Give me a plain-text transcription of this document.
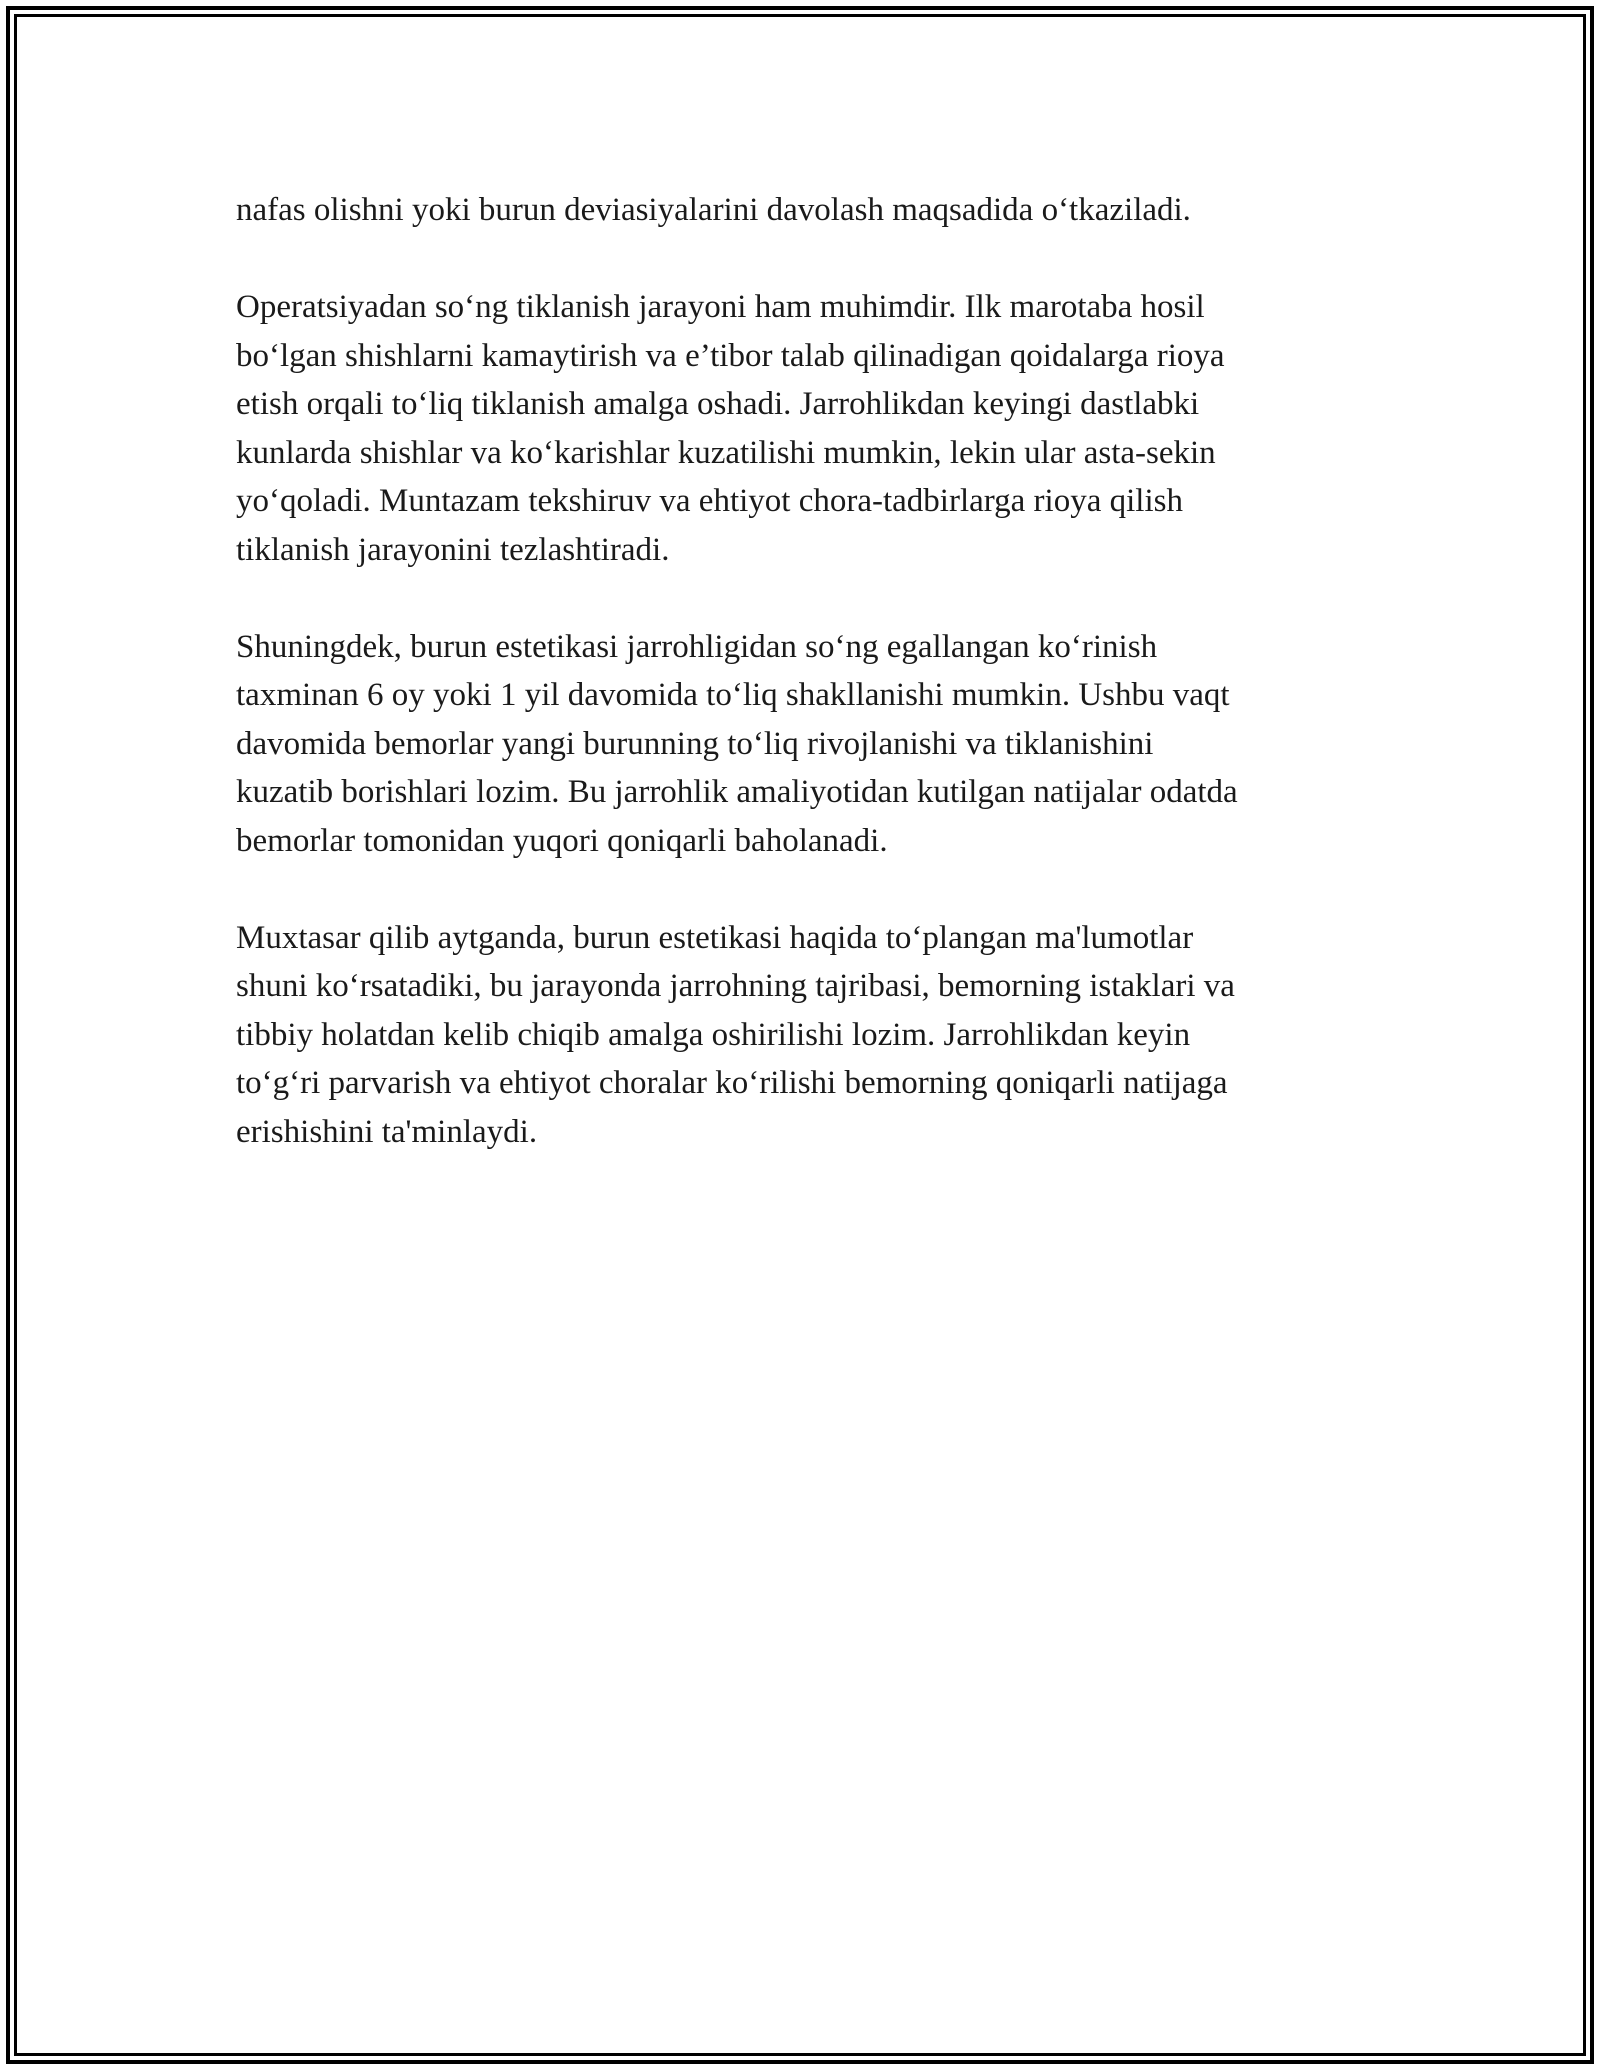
nafas olishni yoki burun deviasiyalarini davolash maqsadida o‘tkaziladi.

Operatsiyadan so‘ng tiklanish jarayoni ham muhimdir. Ilk marotaba hosil
bo‘lgan shishlarni kamaytirish va e’tibor talab qilinadigan qoidalarga rioya
etish orqali to‘liq tiklanish amalga oshadi. Jarrohlikdan keyingi dastlabki
kunlarda shishlar va ko‘karishlar kuzatilishi mumkin, lekin ular asta-sekin
yo‘qoladi. Muntazam tekshiruv va ehtiyot chora-tadbirlarga rioya qilish
tiklanish jarayonini tezlashtiradi.

Shuningdek, burun estetikasi jarrohligidan so‘ng egallangan ko‘rinish
taxminan 6 oy yoki 1 yil davomida to‘liq shakllanishi mumkin. Ushbu vaqt
davomida bemorlar yangi burunning to‘liq rivojlanishi va tiklanishini
kuzatib borishlari lozim. Bu jarrohlik amaliyotidan kutilgan natijalar odatda
bemorlar tomonidan yuqori qoniqarli baholanadi.

Muxtasar qilib aytganda, burun estetikasi haqida to‘plangan ma'lumotlar
shuni ko‘rsatadiki, bu jarayonda jarrohning tajribasi, bemorning istaklari va
tibbiy holatdan kelib chiqib amalga oshirilishi lozim. Jarrohlikdan keyin
to‘g‘ri parvarish va ehtiyot choralar ko‘rilishi bemorning qoniqarli natijaga
erishishini ta'minlaydi.
